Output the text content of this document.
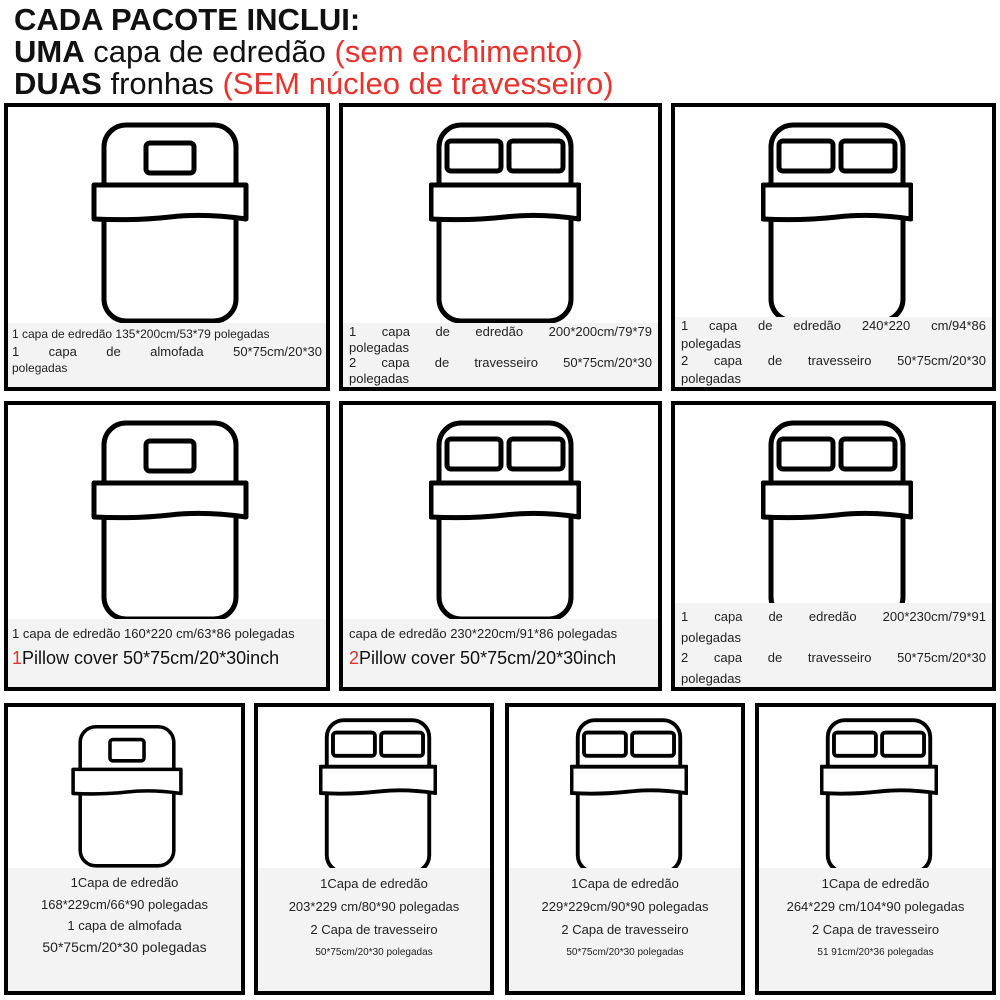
CADA PACOTE INCLUI:
UMA capa de edredão (sem enchimento)
DUAS fronhas (SEM núcleo de travesseiro)
1 capa de edredão 135*200cm/53*79 polegadas
1 capa de almofada 50*75cm/20*30
polegadas
1 capa de edredão 200*200cm/79*79
polegadas
2 capa de travesseiro 50*75cm/20*30
polegadas
1 capa de edredão 240*220 cm/94*86
polegadas
2 capa de travesseiro 50*75cm/20*30
polegadas
1 capa de edredão 160*220 cm/63*86 polegadas
1Pillow cover 50*75cm/20*30inch
capa de edredão 230*220cm/91*86 polegadas
2Pillow cover 50*75cm/20*30inch
1 capa de edredão 200*230cm/79*91
polegadas
2 capa de travesseiro 50*75cm/20*30
polegadas
1Capa de edredão
168*229cm/66*90 polegadas
1 capa de almofada
50*75cm/20*30 polegadas
1Capa de edredão
203*229 cm/80*90 polegadas
2 Capa de travesseiro
50*75cm/20*30 polegadas
1Capa de edredão
229*229cm/90*90 polegadas
2 Capa de travesseiro
50*75cm/20*30 polegadas
1Capa de edredão
264*229 cm/104*90 polegadas
2 Capa de travesseiro
51 91cm/20*36 polegadas
